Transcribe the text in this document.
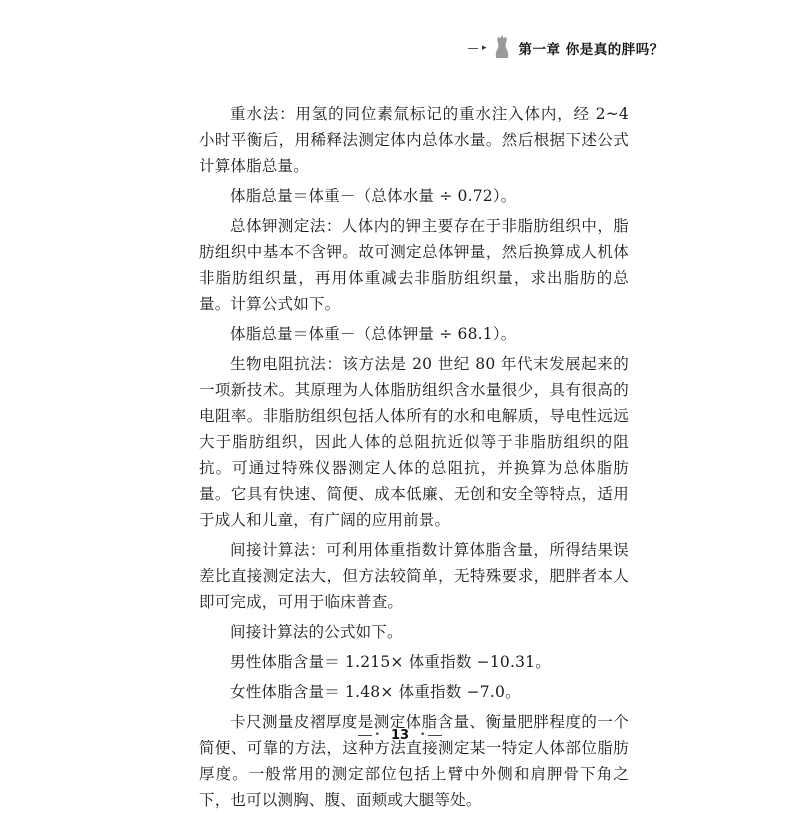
▸ 第一章 你是真的胖吗？

重水法：用氢的同位素氚标记的重水注入体内，经 2~4 小时平衡后，用稀释法测定体内总体水量。然后根据下述公式计算体脂总量。

体脂总量＝体重－（总体水量 ÷ 0.72）。

总体钾测定法：人体内的钾主要存在于非脂肪组织中，脂肪组织中基本不含钾。故可测定总体钾量，然后换算成人机体非脂肪组织量，再用体重减去非脂肪组织量，求出脂肪的总量。计算公式如下。

体脂总量＝体重－（总体钾量 ÷ 68.1）。

生物电阻抗法：该方法是 20 世纪 80 年代末发展起来的一项新技术。其原理为人体脂肪组织含水量很少，具有很高的电阻率。非脂肪组织包括人体所有的水和电解质，导电性远远大于脂肪组织，因此人体的总阻抗近似等于非脂肪组织的阻抗。可通过特殊仪器测定人体的总阻抗，并换算为总体脂肪量。它具有快速、简便、成本低廉、无创和安全等特点，适用于成人和儿童，有广阔的应用前景。

间接计算法：可利用体重指数计算体脂含量，所得结果误差比直接测定法大，但方法较简单，无特殊要求，肥胖者本人即可完成，可用于临床普查。

间接计算法的公式如下。

男性体脂含量＝ 1.215× 体重指数 −10.31。

女性体脂含量＝ 1.48× 体重指数 −7.0。

卡尺测量皮褶厚度是测定体脂含量、衡量肥胖程度的一个简便、可靠的方法，这种方法直接测定某一特定人体部位脂肪厚度。一般常用的测定部位包括上臂中外侧和肩胛骨下角之下，也可以测胸、腹、面颊或大腿等处。

• 13 •
